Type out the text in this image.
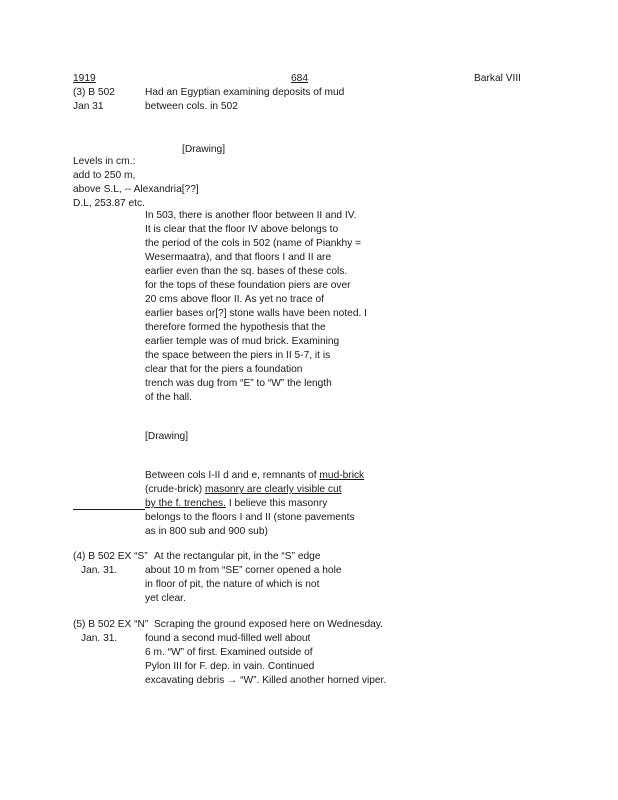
1919	684	Barkal VIII
(3) B 502
Jan 31
Had an Egyptian examining deposits of mud
between cols. in 502
[Drawing]
Levels in cm.:
add to 250 m,
above S.L, -- Alexandria[??]
D.L, 253.87 etc.
In 503, there is another floor between II and IV.
It is clear that the floor IV above belongs to
the period of the cols in 502 (name of Piankhy =
Wesermaatra), and that floors I and II are
earlier even than the sq. bases of these cols.
for the tops of these foundation piers are over
20 cms above floor II. As yet no trace of
earlier bases or[?] stone walls have been noted. I
therefore formed the hypothesis that the
earlier temple was of mud brick. Examining
the space between the piers in II 5-7, it is
clear that for the piers a foundation
trench was dug from “E” to “W” the length
of the hall.
[Drawing]
Between cols I-II d and e, remnants of mud-brick
(crude-brick) masonry are clearly visible cut
by the f. trenches. I believe this masonry
belongs to the floors I and II (stone pavements
as in 800 sub and 900 sub)
(4) B 502 EX “S” At the rectangular pit, in the “S” edge
Jan. 31.	about 10 m from “SE” corner opened a hole
in floor of pit, the nature of which is not
yet clear.
(5) B 502 EX “N” Scraping the ground exposed here on Wednesday.
Jan. 31.	found a second mud-filled well about
6 m. “W” of first. Examined outside of
Pylon III for F. dep. in vain. Continued
excavating debris → “W”. Killed another horned viper.
